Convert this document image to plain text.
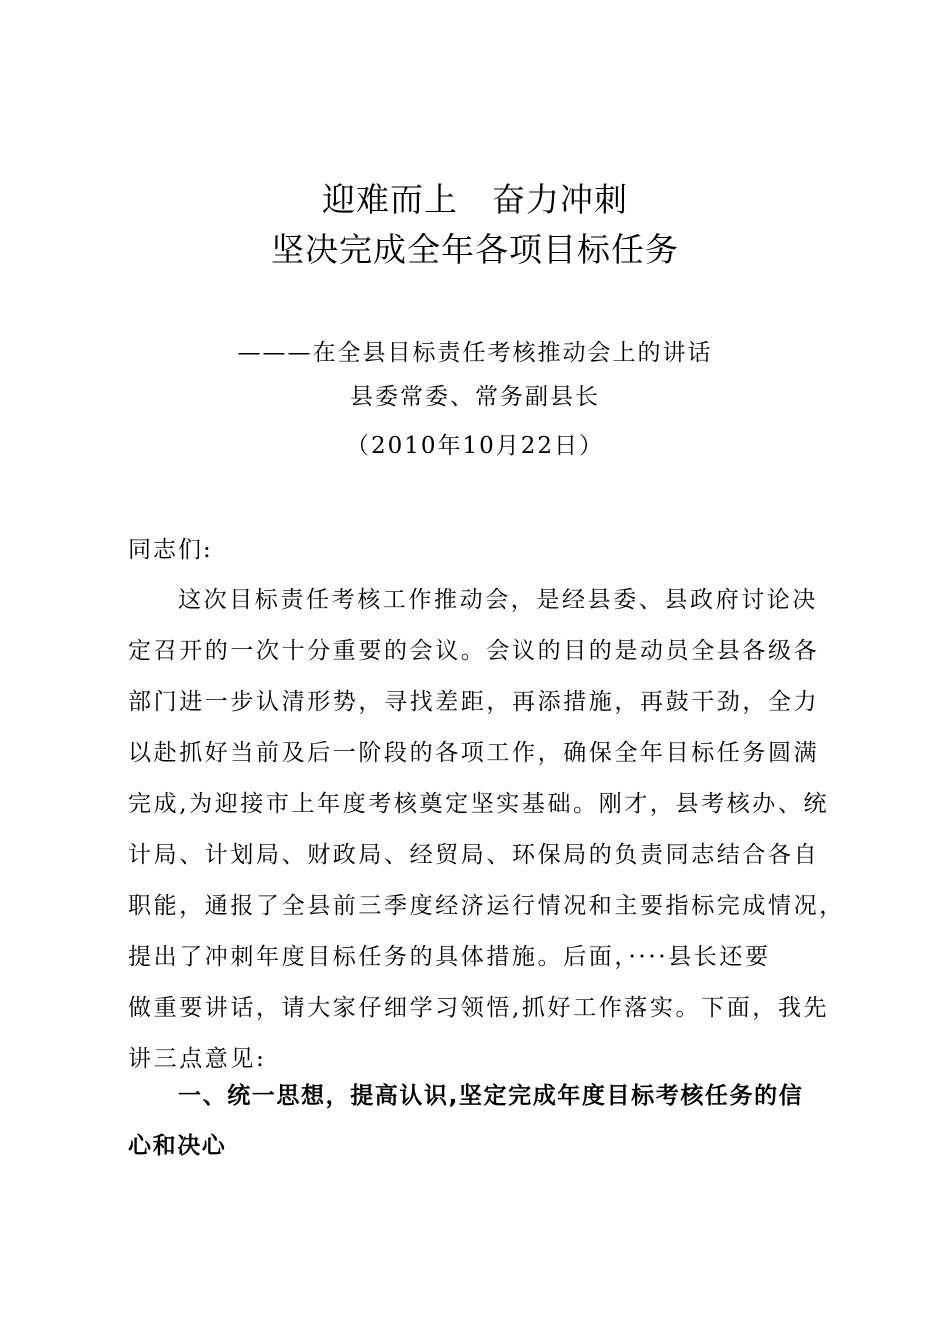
迎难而上　奋力冲刺
坚决完成全年各项目标任务
———在全县目标责任考核推动会上的讲话
县委常委、常务副县长
（2010年10月22日）
同志们:
这次目标责任考核工作推动会，是经县委、县政府讨论决
定召开的一次十分重要的会议。会议的目的是动员全县各级各
部门进一步认清形势，寻找差距，再添措施，再鼓干劲，全力
以赴抓好当前及后一阶段的各项工作，确保全年目标任务圆满
完成,为迎接市上年度考核奠定坚实基础。刚才，县考核办、统
计局、计划局、财政局、经贸局、环保局的负责同志结合各自
职能，通报了全县前三季度经济运行情况和主要指标完成情况，
提出了冲刺年度目标任务的具体措施。后面，····县长还要
做重要讲话，请大家仔细学习领悟,抓好工作落实。下面，我先
讲三点意见:
一、统一思想，提高认识,坚定完成年度目标考核任务的信
心和决心
